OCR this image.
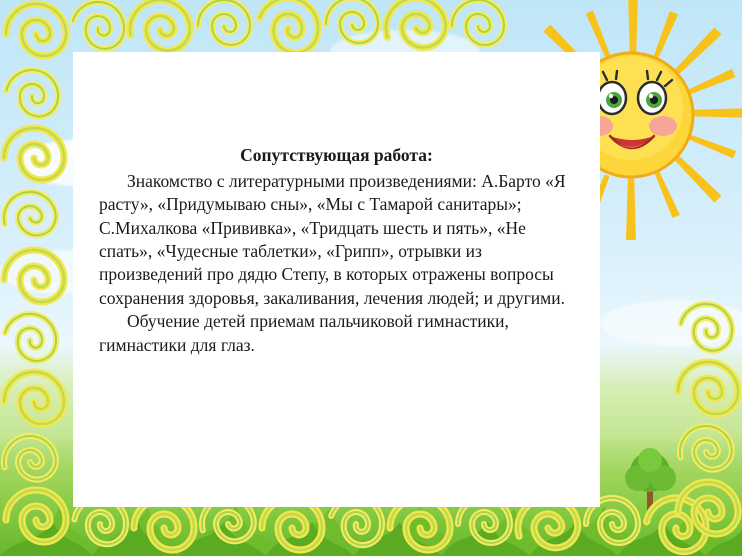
Сопутствующая работа:

Знакомство с литературными произведениями: А.Барто «Я расту», «Придумываю сны», «Мы с Тамарой санитары»; С.Михалкова «Прививка», «Тридцать шесть и пять», «Не спать», «Чудесные таблетки», «Грипп», отрывки из произведений про дядю Степу, в которых отражены вопросы сохранения здоровья, закаливания, лечения людей; и другими.

Обучение детей приемам пальчиковой гимнастики, гимнастики для глаз.
